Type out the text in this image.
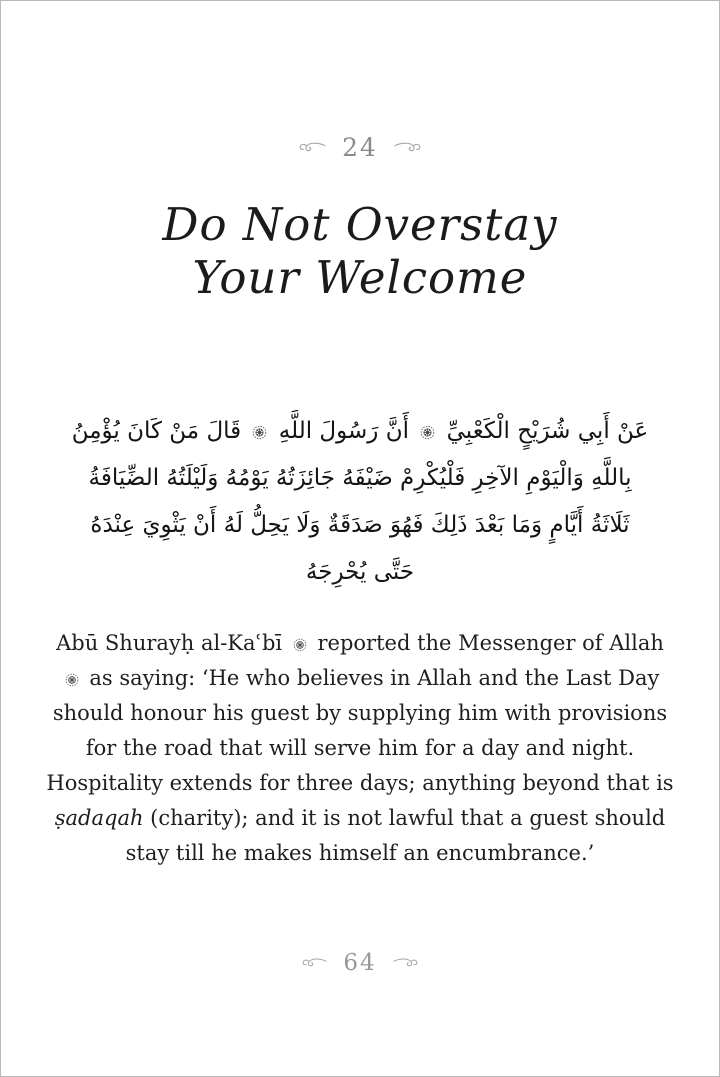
24
Do Not Overstay
Your Welcome
عَنْ أَبِي شُرَيْحٍ الْكَعْبِيِّ  أَنَّ رَسُولَ اللَّهِ  قَالَ مَنْ كَانَ يُؤْمِنُ
بِاللَّهِ وَالْيَوْمِ الآخِرِ فَلْيُكْرِمْ ضَيْفَهُ جَائِزَتُهُ يَوْمُهُ وَلَيْلَتُهُ الضِّيَافَةُ
ثَلَاثَةُ أَيَّامٍ وَمَا بَعْدَ ذَلِكَ فَهُوَ صَدَقَةٌ وَلَا يَحِلُّ لَهُ أَنْ يَثْوِيَ عِنْدَهُ
حَتَّى يُحْرِجَهُ
Abū Shurayḥ al-Kaʿbī reported the Messenger of Allah
as saying: ‘He who believes in Allah and the Last Day
should honour his guest by supplying him with provisions
for the road that will serve him for a day and night.
Hospitality extends for three days; anything beyond that is
ṣadaqah (charity); and it is not lawful that a guest should
stay till he makes himself an encumbrance.’
64
